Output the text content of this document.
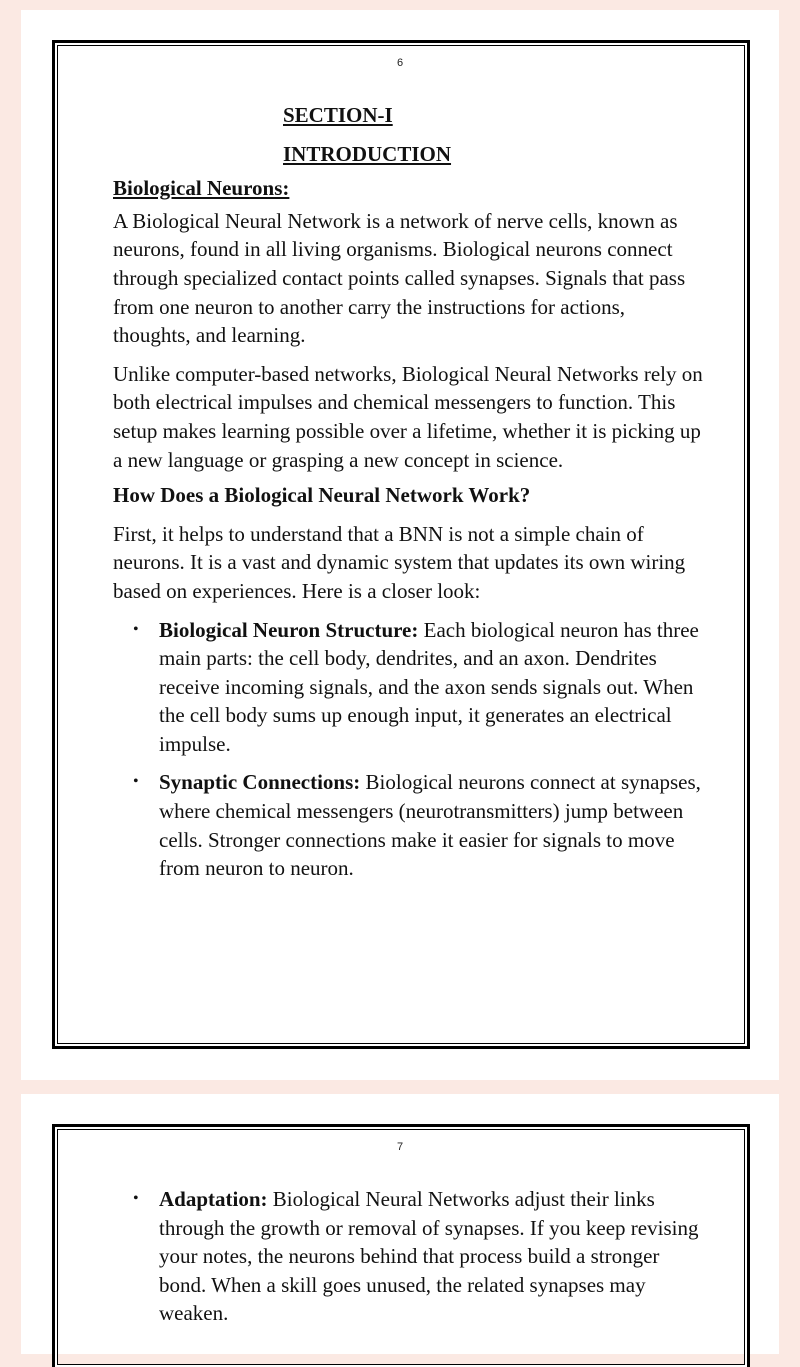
6

SECTION-I

INTRODUCTION

Biological Neurons:

A Biological Neural Network is a network of nerve cells, known as neurons, found in all living organisms. Biological neurons connect through specialized contact points called synapses. Signals that pass from one neuron to another carry the instructions for actions, thoughts, and learning.

Unlike computer-based networks, Biological Neural Networks rely on both electrical impulses and chemical messengers to function. This setup makes learning possible over a lifetime, whether it is picking up a new language or grasping a new concept in science.

How Does a Biological Neural Network Work?

First, it helps to understand that a BNN is not a simple chain of neurons. It is a vast and dynamic system that updates its own wiring based on experiences. Here is a closer look:

• Biological Neuron Structure: Each biological neuron has three main parts: the cell body, dendrites, and an axon. Dendrites receive incoming signals, and the axon sends signals out. When the cell body sums up enough input, it generates an electrical impulse.
• Synaptic Connections: Biological neurons connect at synapses, where chemical messengers (neurotransmitters) jump between cells. Stronger connections make it easier for signals to move from neuron to neuron.
7
• Adaptation: Biological Neural Networks adjust their links through the growth or removal of synapses. If you keep revising your notes, the neurons behind that process build a stronger bond. When a skill goes unused, the related synapses may weaken.
